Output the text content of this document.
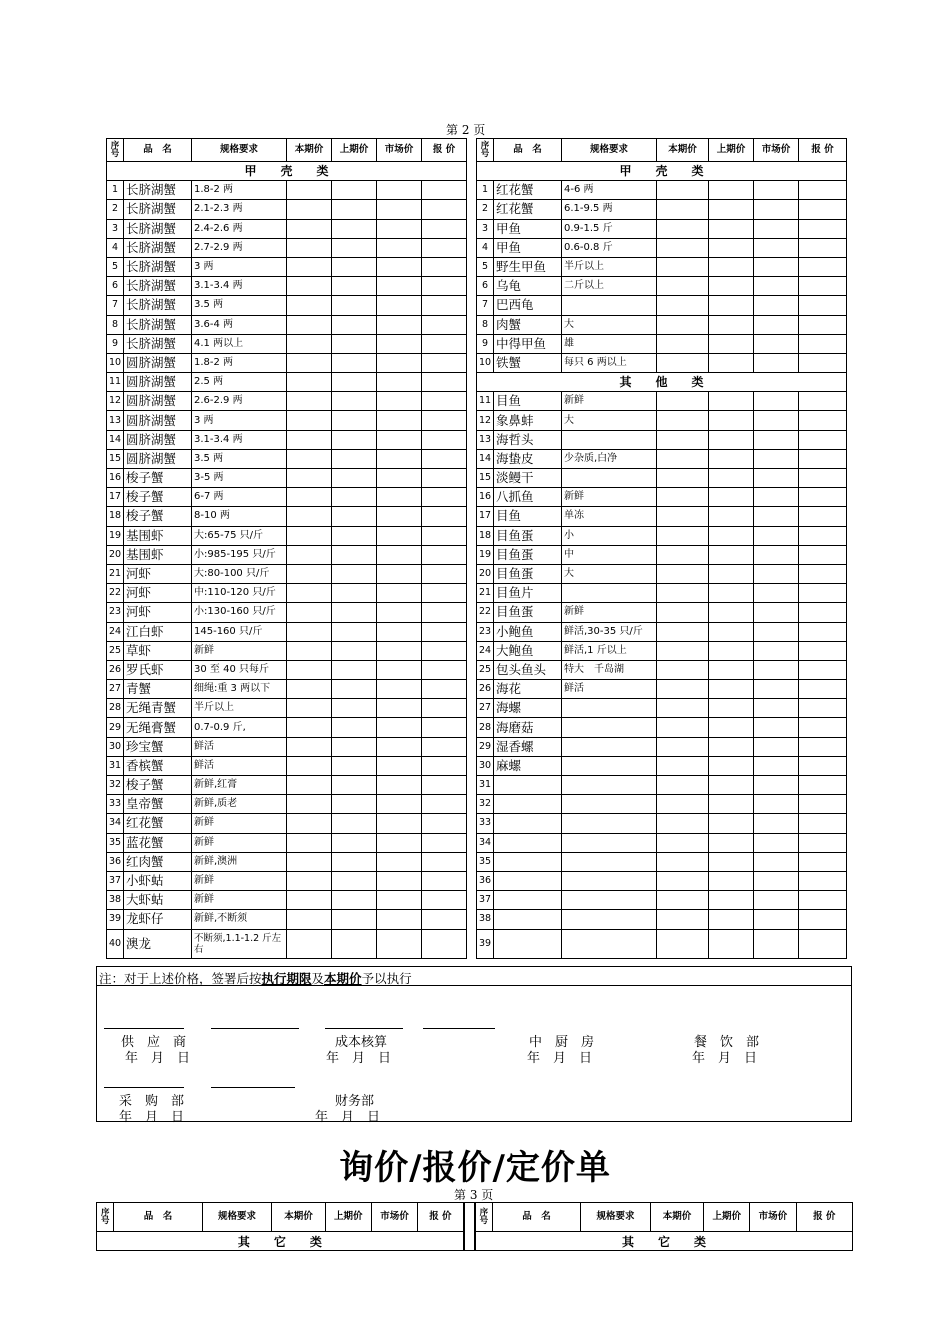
第 2 页
序号	品　名	规格要求	本期价	上期价	市场价	报 价		序号	品　名	规格要求	本期价	上期价	市场价	报 价
甲　　壳　　类								甲　　壳　　类						
1	长脐湖蟹	1.8-2 两						1	红花蟹	4-6 两				
2	长脐湖蟹	2.1-2.3 两						2	红花蟹	6.1-9.5 两				
3	长脐湖蟹	2.4-2.6 两						3	甲鱼	0.9-1.5 斤				
4	长脐湖蟹	2.7-2.9 两						4	甲鱼	0.6-0.8 斤				
5	长脐湖蟹	3 两						5	野生甲鱼	半斤以上				
6	长脐湖蟹	3.1-3.4 两						6	乌龟	二斤以上				
7	长脐湖蟹	3.5 两						7	巴西龟					
8	长脐湖蟹	3.6-4 两						8	肉蟹	大				
9	长脐湖蟹	4.1 两以上						9	中得甲鱼	雄				
10	圆脐湖蟹	1.8-2 两						10	铁蟹	每只 6 两以上				
11	圆脐湖蟹	2.5 两						其　　他　　类						
12	圆脐湖蟹	2.6-2.9 两						11	目鱼	新鲜				
13	圆脐湖蟹	3 两						12	象鼻蚌	大				
14	圆脐湖蟹	3.1-3.4 两						13	海哲头					
15	圆脐湖蟹	3.5 两						14	海蛰皮	少杂质,白净				
16	梭子蟹	3-5 两						15	淡鳗干					
17	梭子蟹	6-7 两						16	八抓鱼	新鲜				
18	梭子蟹	8-10 两						17	目鱼	单冻				
19	基围虾	大:65-75 只/斤						18	目鱼蛋	小				
20	基围虾	小:985-195 只/斤						19	目鱼蛋	中				
21	河虾	大:80-100 只/斤						20	目鱼蛋	大				
22	河虾	中:110-120 只/斤						21	目鱼片					
23	河虾	小:130-160 只/斤						22	目鱼蛋	新鲜				
24	江白虾	145-160 只/斤						23	小鲍鱼	鲜活,30-35 只/斤				
25	草虾	新鲜						24	大鲍鱼	鲜活,1 斤以上				
26	罗氏虾	30 至 40 只每斤						25	包头鱼头	特大　千岛湖				
27	青蟹	细绳:重 3 两以下						26	海花	鲜活				
28	无绳青蟹	半斤以上						27	海螺					
29	无绳膏蟹	0.7-0.9 斤,						28	海磨菇					
30	珍宝蟹	鲜活						29	湿香螺					
31	香槟蟹	鲜活						30	麻螺					
32	梭子蟹	新鲜,红膏						31						
33	皇帝蟹	新鲜,质老						32						
34	红花蟹	新鲜						33						
35	蓝花蟹	新鲜						34						
36	红肉蟹	新鲜,澳洲						35						
37	小虾蛄	新鲜						36						
38	大虾蛄	新鲜						37						
39	龙虾仔	新鲜,不断须						38						
40	澳龙	不断须,1.1-1.2 斤左右						39						
注：对于上述价格，签署后按执行期限及本期价予以执行
供　应　商
年　月　日
成本核算
年　月　日
中　厨　房
年　月　日
餐　饮　部
年　月　日
采　购　部
年　月　日
财务部
年　月　日
询价/报价/定价单
第 3 页
序号	品　名	规格要求	本期价	上期价	市场价	报 价		序号	品　名	规格要求	本期价	上期价	市场价	报 价
其　　它　　类								其　　它　　类						
